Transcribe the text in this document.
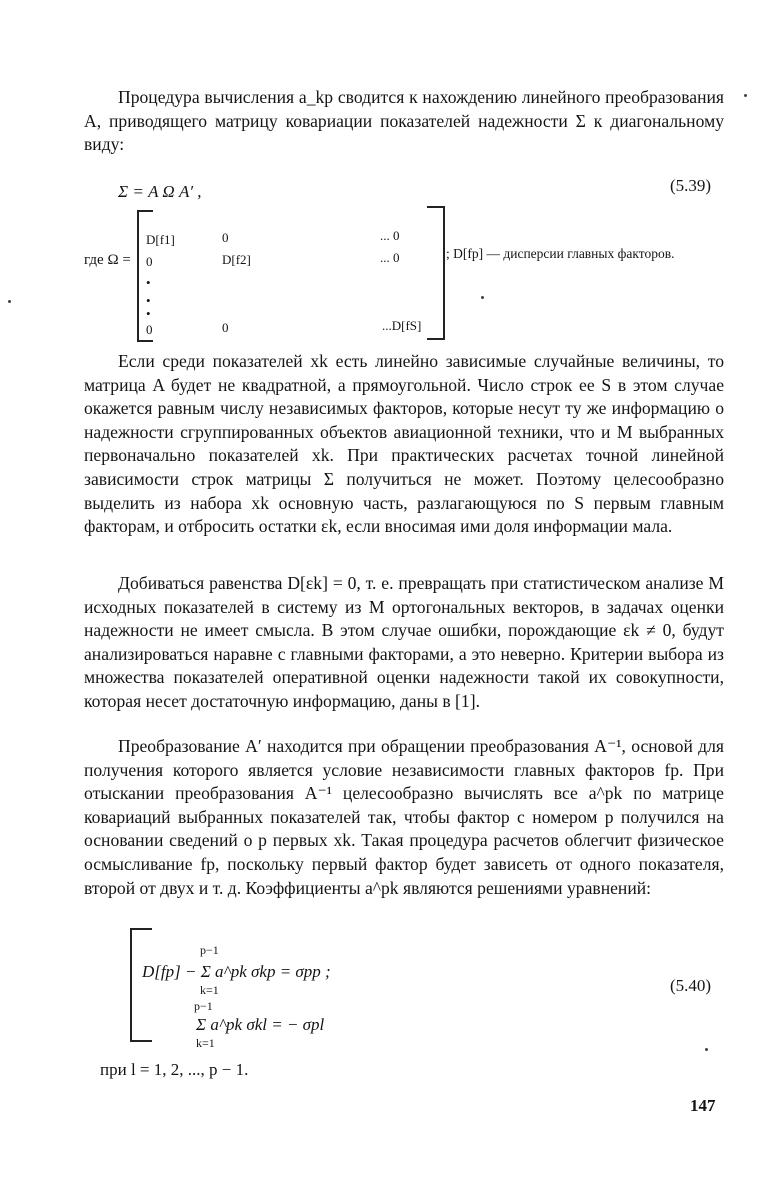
Процедура вычисления a_kp сводится к нахождению линейного преобразования A, приводящего матрицу ковариации показателей надежности Σ к диагональному виду:

Σ = A Ω A′ ,	(5.39)
где Ω =
D[f1]	0	... 0
0	D[f2]	... 0
•
•
•
0	0	...D[fS]
; D[fp] — дисперсии главных факторов.

Если среди показателей xk есть линейно зависимые случайные величины, то матрица A будет не квадратной, а прямоугольной. Число строк ее S в этом случае окажется равным числу независимых факторов, которые несут ту же информацию о надежности сгруппированных объектов авиационной техники, что и M выбранных первоначально показателей xk. При практических расчетах точной линейной зависимости строк матрицы Σ получиться не может. Поэтому целесообразно выделить из набора xk основную часть, разлагающуюся по S первым главным факторам, и отбросить остатки εk, если вносимая ими доля информации мала.

Добиваться равенства D[εk] = 0, т. е. превращать при статистическом анализе M исходных показателей в систему из M ортогональных векторов, в задачах оценки надежности не имеет смысла. В этом случае ошибки, порождающие εk ≠ 0, будут анализироваться наравне с главными факторами, а это неверно. Критерии выбора из множества показателей оперативной оценки надежности такой их совокупности, которая несет достаточную информацию, даны в [1].

Преобразование A′ находится при обращении преобразования A⁻¹, основой для получения которого является условие независимости главных факторов fp. При отыскании преобразования A⁻¹ целесообразно вычислять все a^pk по матрице ковариаций выбранных показателей так, чтобы фактор с номером p получился на основании сведений о p первых xk. Такая процедура расчетов облегчит физическое осмысливание fp, поскольку первый фактор будет зависеть от одного показателя, второй от двух и т. д. Коэффициенты a^pk являются решениями уравнений:

p−1
D[fp] − Σ a^pk σkp = σpp ;
k=1
p−1
Σ a^pk σkl = − σpl
k=1
(5.40)
при l = 1, 2, ..., p − 1.
147
